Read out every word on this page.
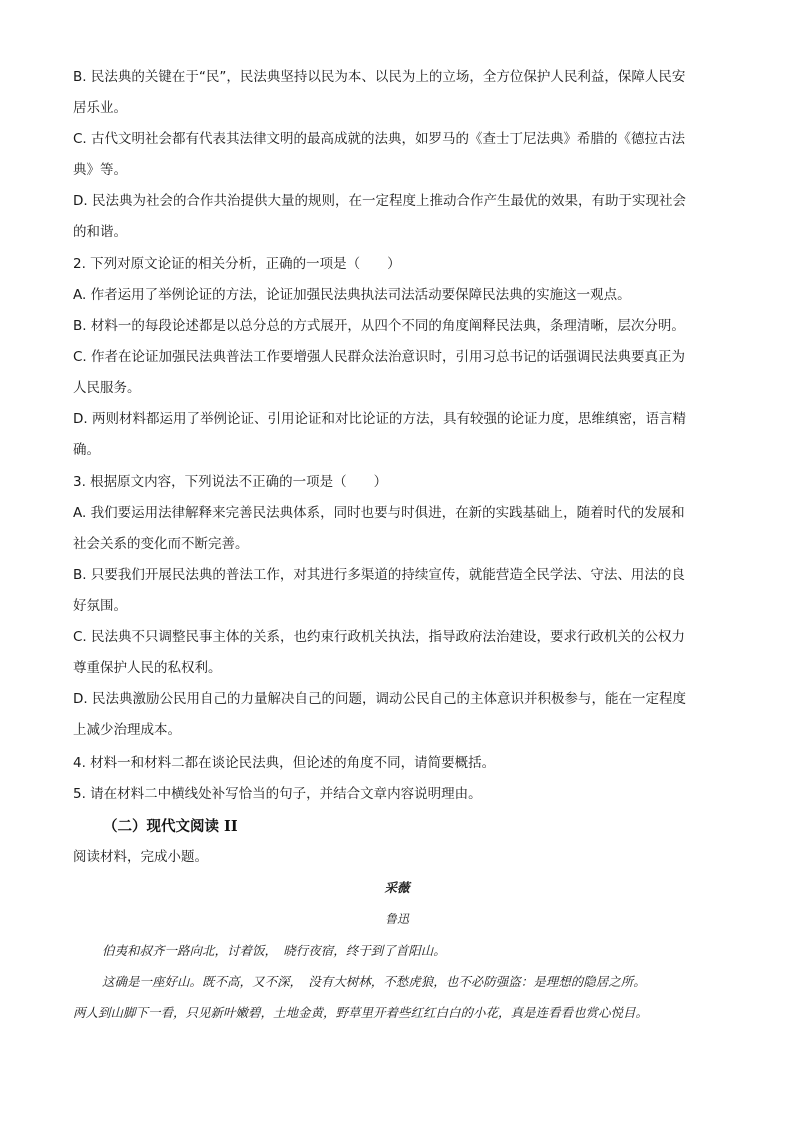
B. 民法典的关键在于“民”，民法典坚持以民为本、以民为上的立场，全方位保护人民利益，保障人民安
居乐业。
C. 古代文明社会都有代表其法律文明的最高成就的法典，如罗马的《查士丁尼法典》希腊的《德拉古法
典》等。
D. 民法典为社会的合作共治提供大量的规则，在一定程度上推动合作产生最优的效果，有助于实现社会
的和谐。
2. 下列对原文论证的相关分析，正确的一项是（　　）
A. 作者运用了举例论证的方法，论证加强民法典执法司法活动要保障民法典的实施这一观点。
B. 材料一的每段论述都是以总分总的方式展开，从四个不同的角度阐释民法典，条理清晰，层次分明。
C. 作者在论证加强民法典普法工作要增强人民群众法治意识时，引用习总书记的话强调民法典要真正为
人民服务。
D. 两则材料都运用了举例论证、引用论证和对比论证的方法，具有较强的论证力度，思维缜密，语言精
确。
3. 根据原文内容，下列说法不正确的一项是（　　）
A. 我们要运用法律解释来完善民法典体系，同时也要与时俱进，在新的实践基础上，随着时代的发展和
社会关系的变化而不断完善。
B. 只要我们开展民法典的普法工作，对其进行多渠道的持续宣传，就能营造全民学法、守法、用法的良
好氛围。
C. 民法典不只调整民事主体的关系，也约束行政机关执法，指导政府法治建设，要求行政机关的公权力
尊重保护人民的私权利。
D. 民法典激励公民用自己的力量解决自己的问题，调动公民自己的主体意识并积极参与，能在一定程度
上减少治理成本。
4. 材料一和材料二都在谈论民法典，但论述的角度不同，请简要概括。
5. 请在材料二中横线处补写恰当的句子，并结合文章内容说明理由。
（二）现代文阅读 II
阅读材料，完成小题。
采薇
鲁迅
伯夷和叔齐一路向北，讨着饭，　晓行夜宿，终于到了首阳山。
这确是一座好山。既不高，又不深，　没有大树林，不愁虎狼，也不必防强盗：是理想的隐居之所。
两人到山脚下一看，只见新叶嫩碧，土地金黄，野草里开着些红红白白的小花，真是连看看也赏心悦目。
